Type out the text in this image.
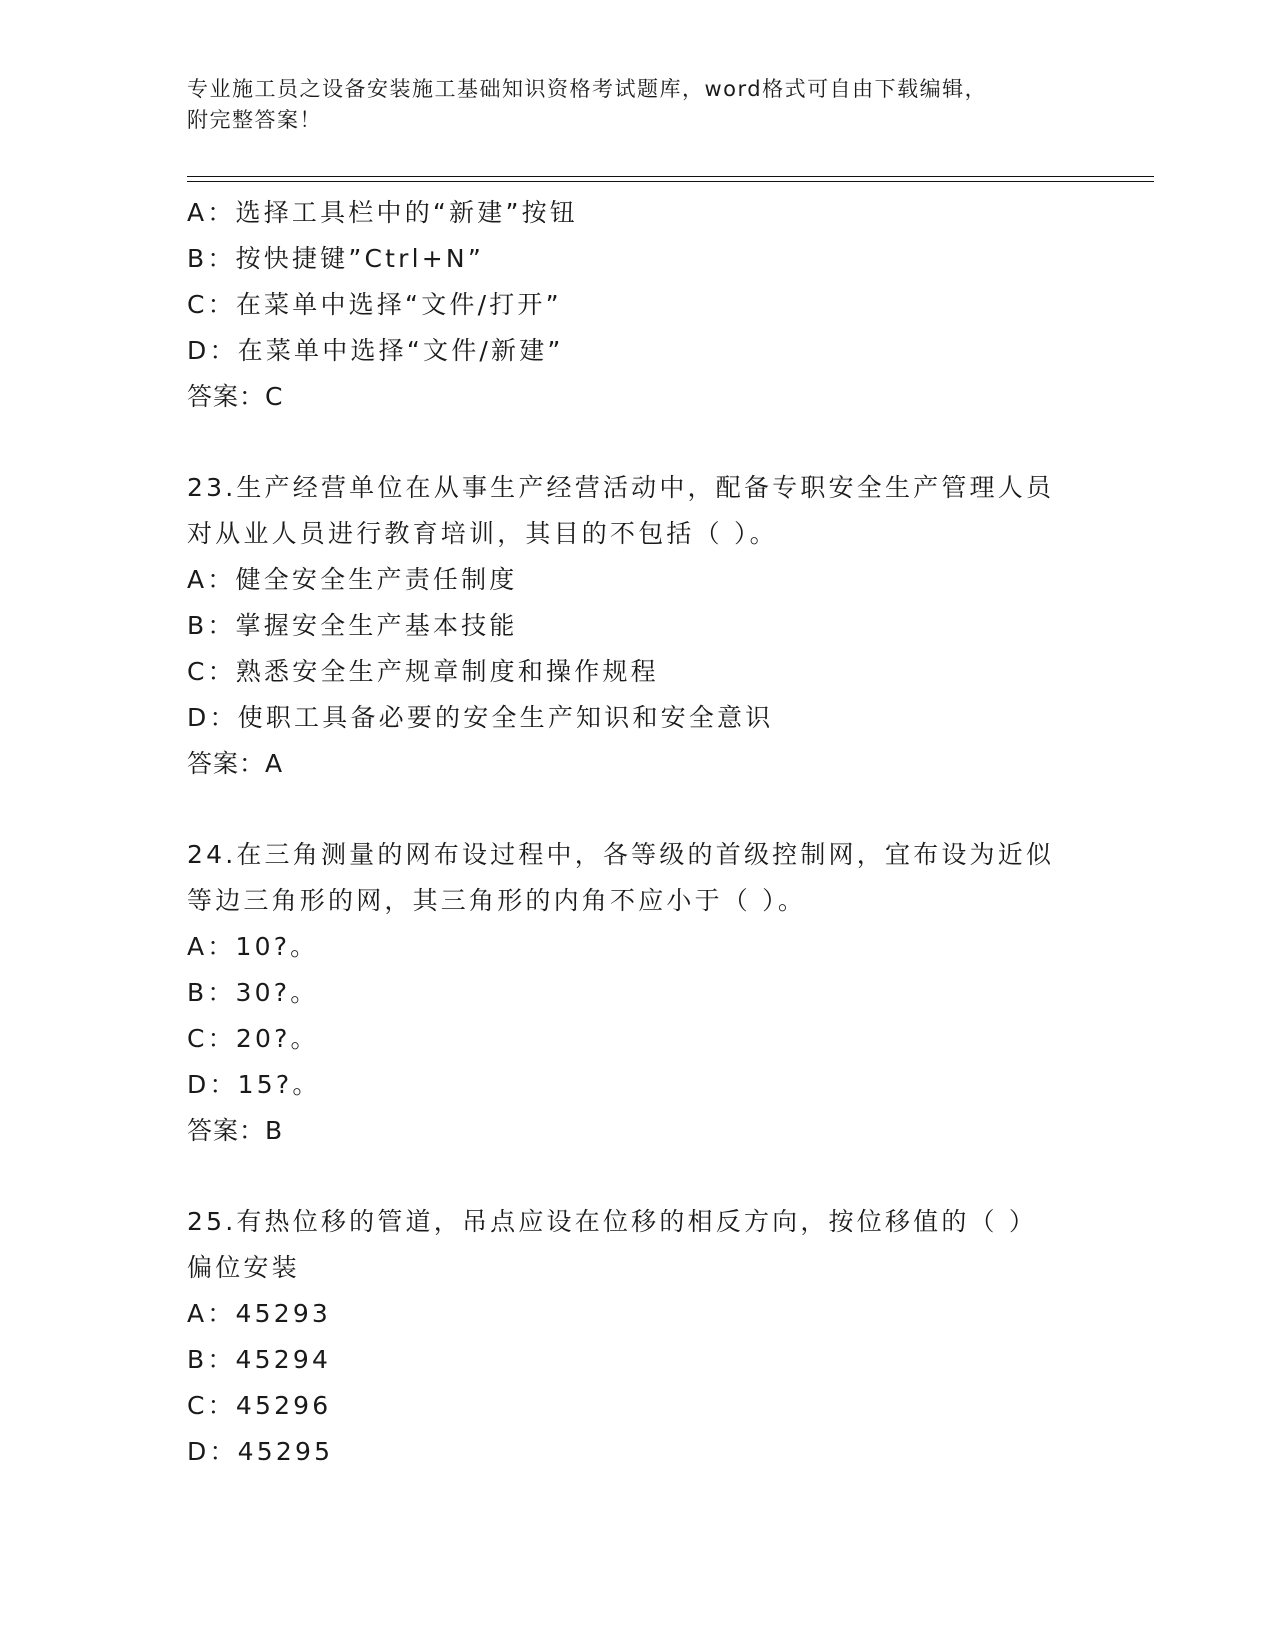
专业施工员之设备安装施工基础知识资格考试题库，word格式可自由下载编辑，
附完整答案！
A：选择工具栏中的“新建”按钮
B：按快捷键”Ctrl+N”
C：在菜单中选择“文件/打开”
D：在菜单中选择“文件/新建”
答案：C
23.生产经营单位在从事生产经营活动中，配备专职安全生产管理人员
对从业人员进行教育培训，其目的不包括（ ）。
A：健全安全生产责任制度
B：掌握安全生产基本技能
C：熟悉安全生产规章制度和操作规程
D：使职工具备必要的安全生产知识和安全意识
答案：A
24.在三角测量的网布设过程中，各等级的首级控制网，宜布设为近似
等边三角形的网，其三角形的内角不应小于（ ）。
A：10?。
B：30?。
C：20?。
D：15?。
答案：B
25.有热位移的管道，吊点应设在位移的相反方向，按位移值的（ ）
偏位安装
A：45293
B：45294
C：45296
D：45295
